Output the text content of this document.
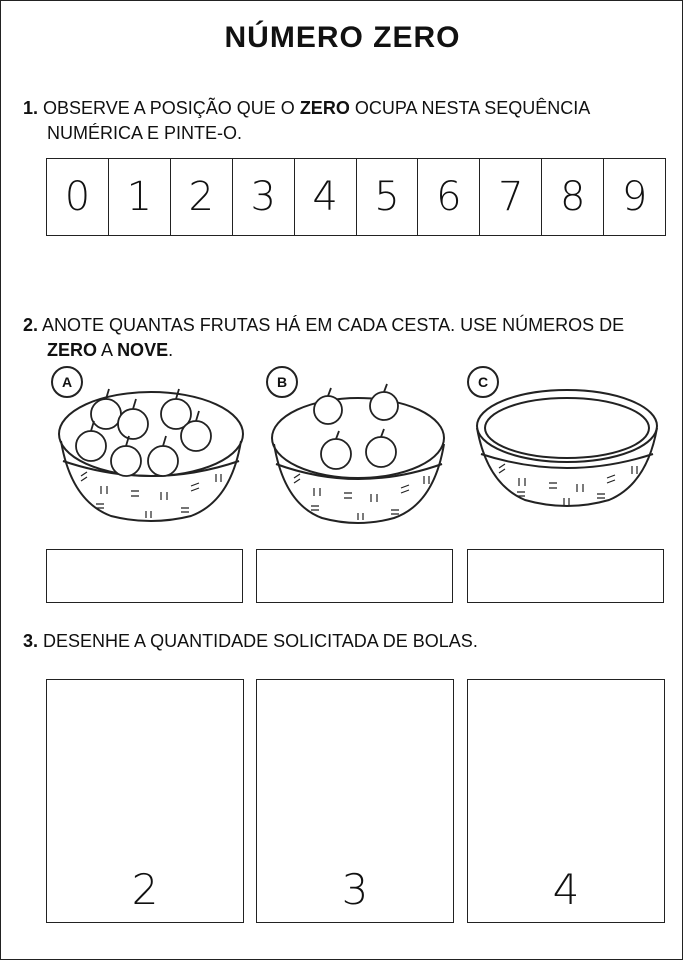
NÚMERO ZERO
1. OBSERVE A POSIÇÃO QUE O ZERO OCUPA NESTA SEQUÊNCIA
NUMÉRICA E PINTE-O.
0 1 2 3 4 5 6 7 8 9
2. ANOTE QUANTAS FRUTAS HÁ EM CADA CESTA. USE NÚMEROS DE
ZERO A NOVE.
A	B	C
3. DESENHE A QUANTIDADE SOLICITADA DE BOLAS.
2	3	4
